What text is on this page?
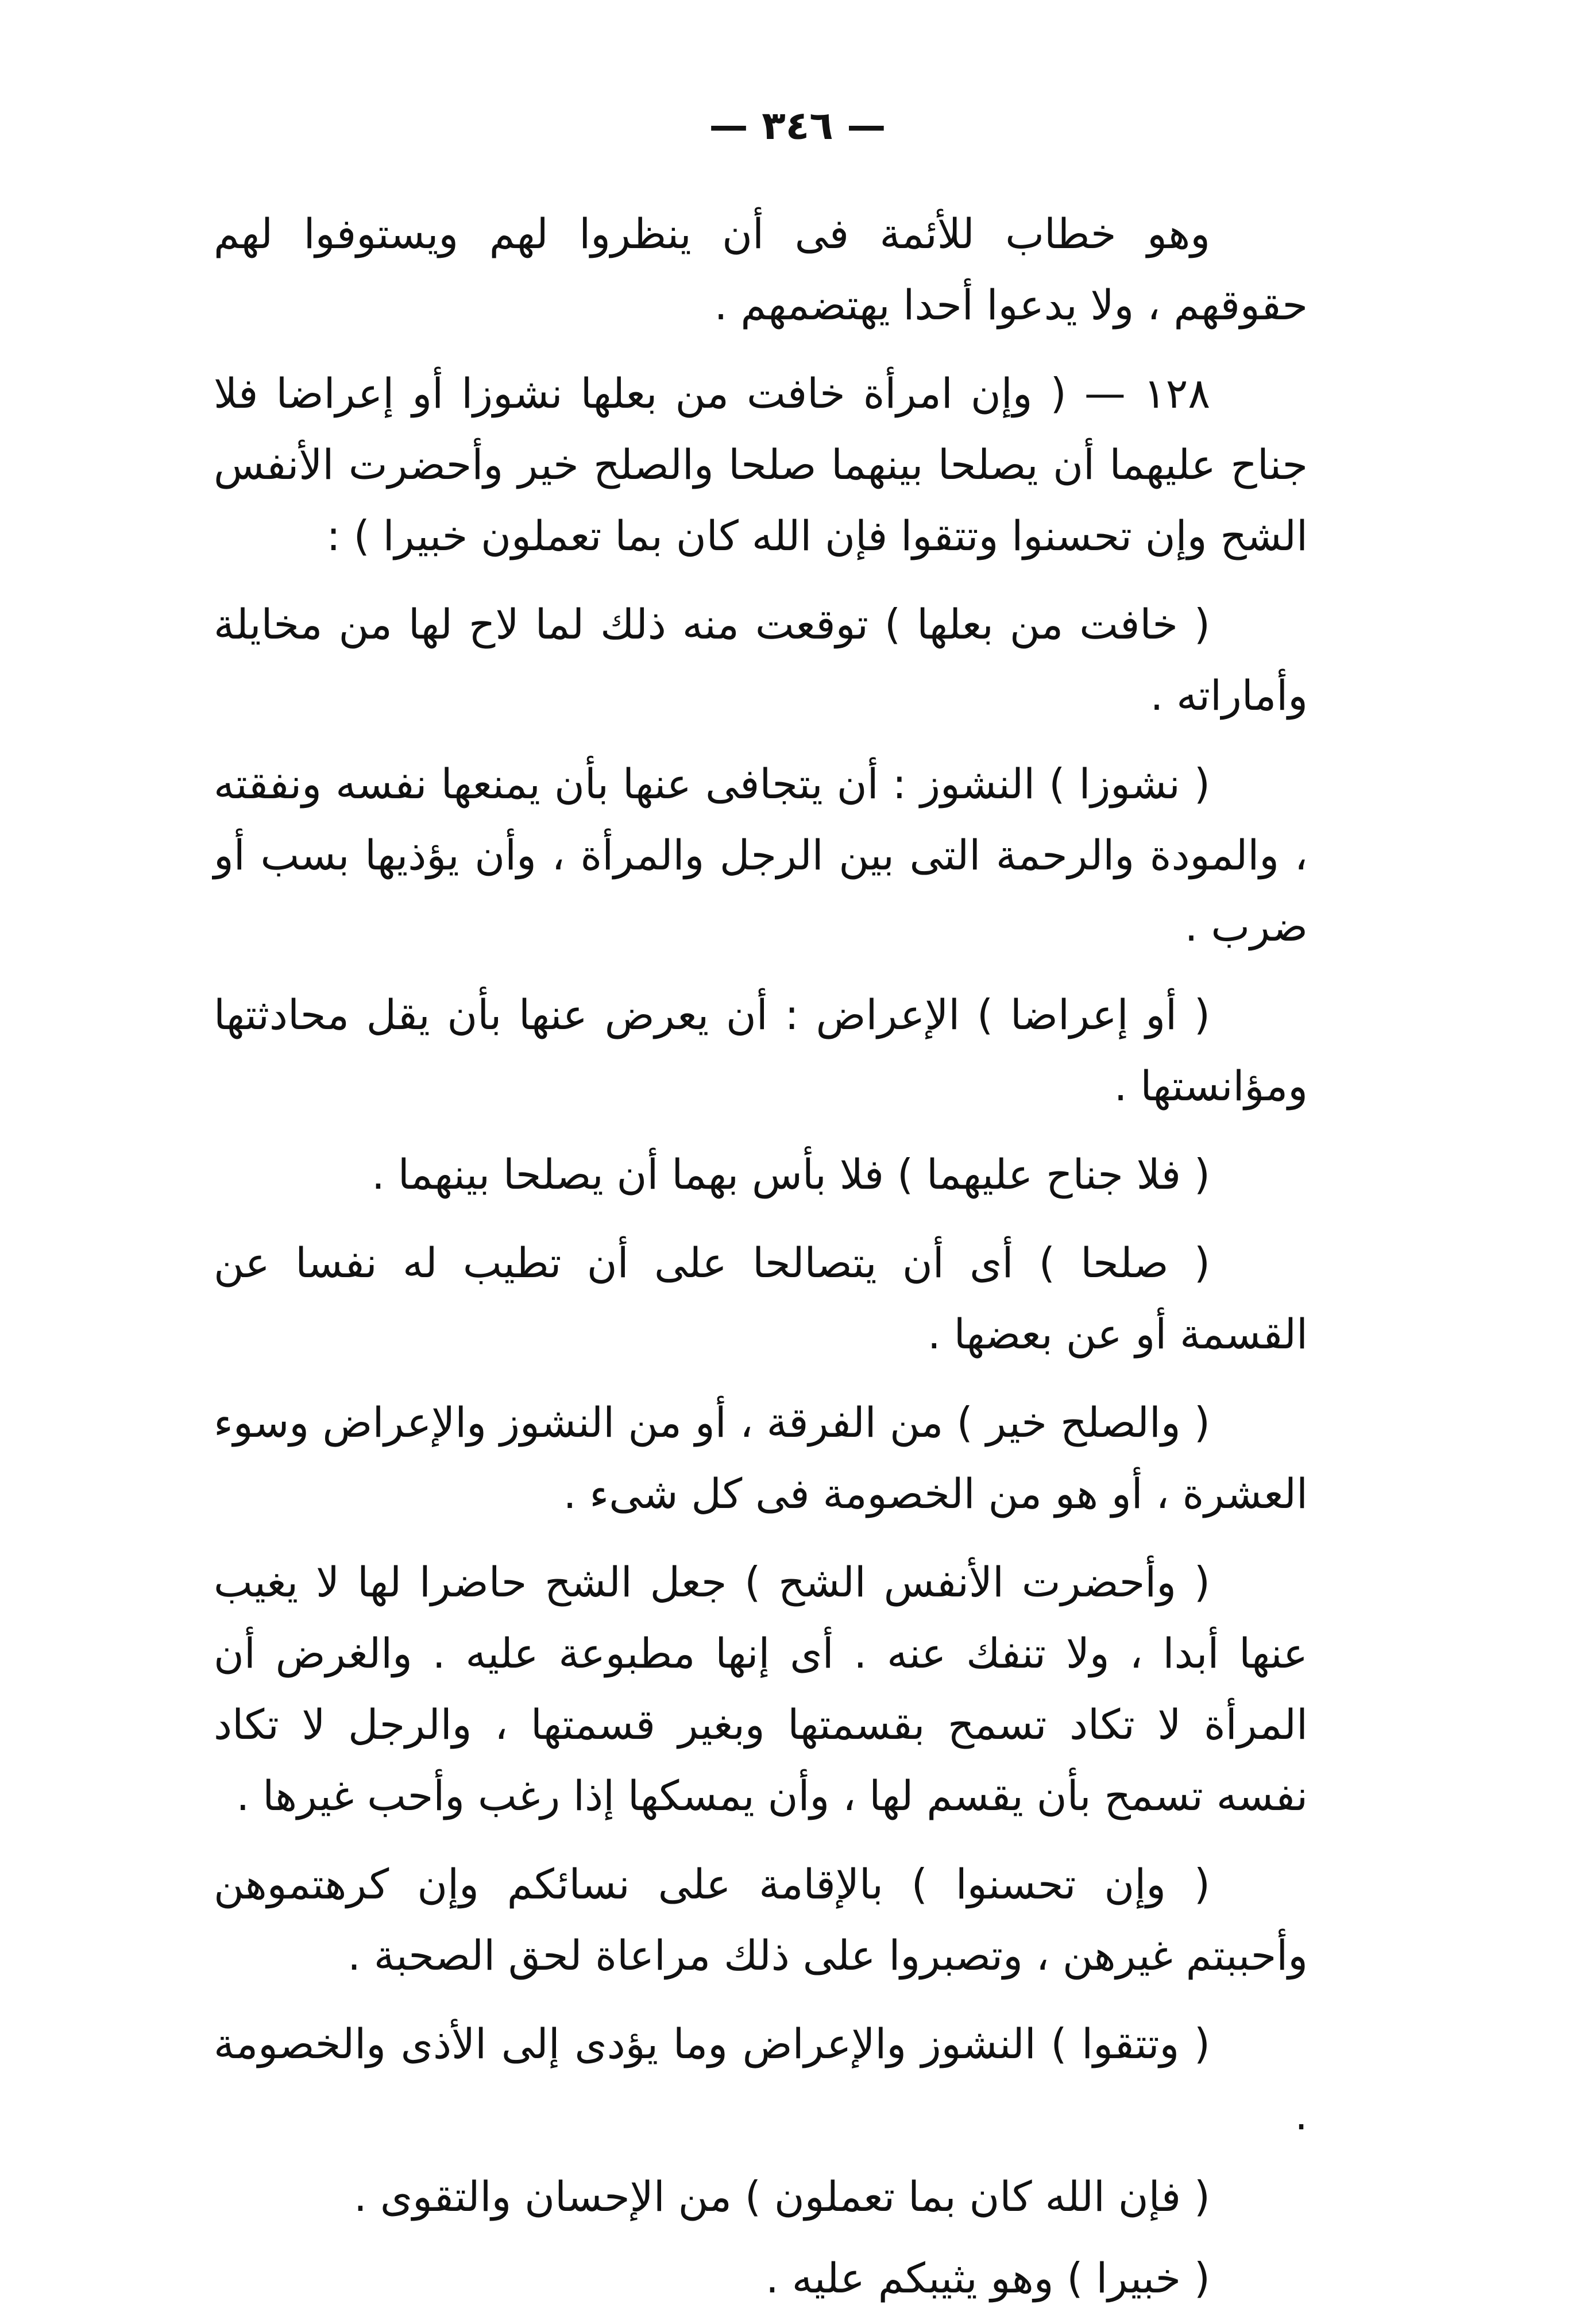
— ٣٤٦ —

وهو خطاب للأئمة فى أن ينظروا لهم ويستوفوا لهم حقوقهم ، ولا يدعوا أحدا يهتضمهم .

١٢٨ — ( وإن امرأة خافت من بعلها نشوزا أو إعراضا فلا جناح عليهما أن يصلحا بينهما صلحا والصلح خير وأحضرت الأنفس الشح وإن تحسنوا وتتقوا فإن الله كان بما تعملون خبيرا ) :

( خافت من بعلها ) توقعت منه ذلك لما لاح لها من مخايلة وأماراته .

( نشوزا ) النشوز : أن يتجافى عنها بأن يمنعها نفسه ونفقته ، والمودة والرحمة التى بين الرجل والمرأة ، وأن يؤذيها بسب أو ضرب .

( أو إعراضا ) الإعراض : أن يعرض عنها بأن يقل محادثتها ومؤانستها .

( فلا جناح عليهما ) فلا بأس بهما أن يصلحا بينهما .

( صلحا ) أى أن يتصالحا على أن تطيب له نفسا عن القسمة أو عن بعضها .

( والصلح خير ) من الفرقة ، أو من النشوز والإعراض وسوء العشرة ، أو هو من الخصومة فى كل شىء .

( وأحضرت الأنفس الشح ) جعل الشح حاضرا لها لا يغيب عنها أبدا ، ولا تنفك عنه . أى إنها مطبوعة عليه . والغرض أن المرأة لا تكاد تسمح بقسمتها وبغير قسمتها ، والرجل لا تكاد نفسه تسمح بأن يقسم لها ، وأن يمسكها إذا رغب وأحب غيرها .

( وإن تحسنوا ) بالإقامة على نسائكم وإن كرهتموهن وأحببتم غيرهن ، وتصبروا على ذلك مراعاة لحق الصحبة .

( وتتقوا ) النشوز والإعراض وما يؤدى إلى الأذى والخصومة .

( فإن الله كان بما تعملون ) من الإحسان والتقوى .

( خبيرا ) وهو يثيبكم عليه .
